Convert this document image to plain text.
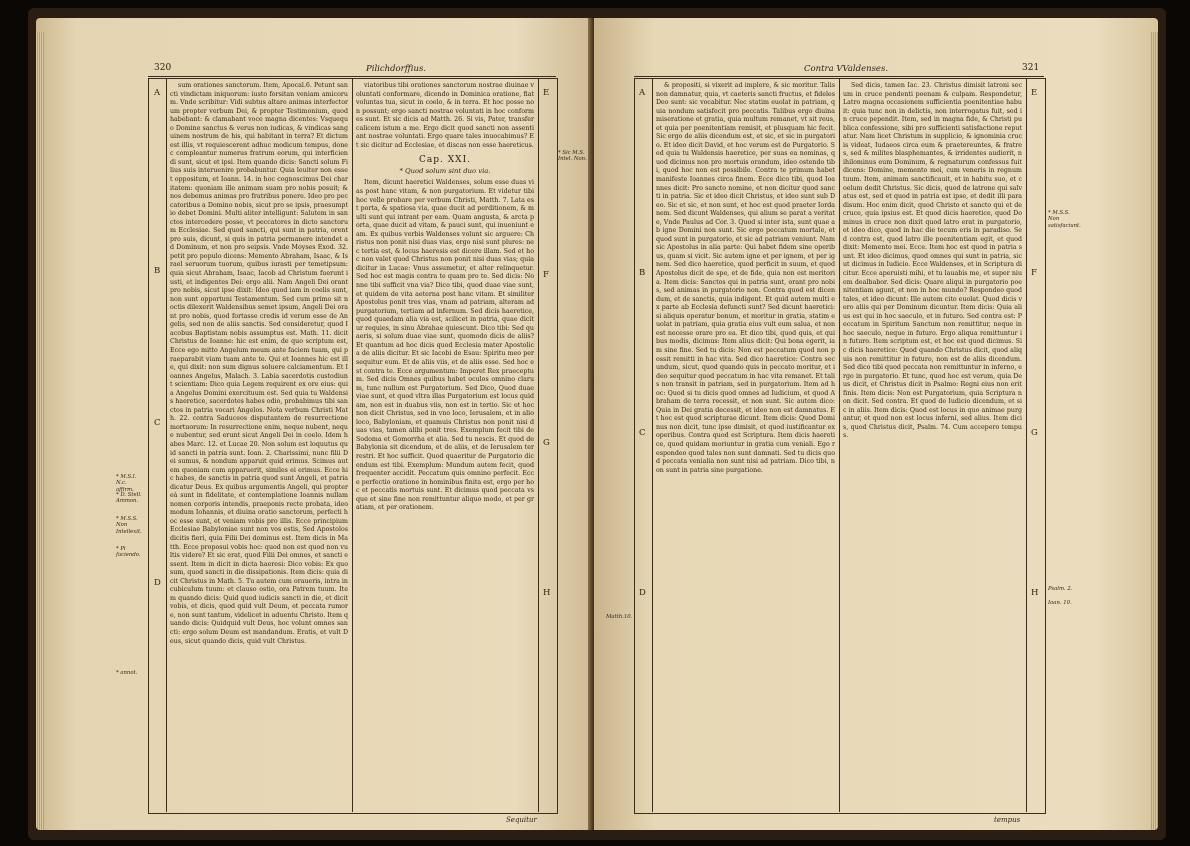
320	Pilichdorffius.
A
B
C
D
E
F
G
H
* M.S.I. N.c. affirm.
* D. Stell. Ammon.
* M.S.S. Non Intellexit.
* Pi faciendo.
* annot.
* Sic M.S. Intel. Non.

sum orationes sanctorum. Item, Apocal.6. Petunt sancti vindictam iniquorum: iusto forsitan veniam amicorum. Vnde scribitur: Vidi subtus altare animas interfectorum propter verbum Dei, & propter Testimonium, quod habebant: & clamabant voce magna dicentes: Vsquequo Domine sanctus & verus non iudicas, & vindicas sanguinem nostrum de his, qui habitant in terra? Et dictum est illis, vt requiescerent adhuc modicum tempus, donec compleantur numerus fratrum eorum, qui interficiendi sunt, sicut et ipsi. Item quando dicis: Sancti solum Filius suis interuenire probabuntur. Quia leuiter non esset oppositum, et Ioann. 14. in hoc cognoscimus Dei charitatem: quoniam ille animam suam pro nobis posuit; & nos debemus animas pro fratribus ponere. Ideo pro peccatoribus a Domino nobis, sicut pro se ipsis, praesumptio debet Domini. Multi aliter intelligunt: Salutem in sanctos intercedere posse, vt peccatores in dicto sanctorum Ecclesiae. Sed quod sancti, qui sunt in patria, orent pro suis, dicunt, si quis in patria permanere intendet ad Dominum, et non pro seipsis. Vnde Moyses Exod. 32. petit pro populo dicens: Memento Abraham, Isaac, & Israel seruorum tuorum, quibus iurasti per temetipsum: quia sicut Abraham, Isaac, Iacob ad Christum fuerunt iusti, et indigentes Dei: ergo alii. Nam Angeli Dei orant pro nobis, sicut ipse dixit: Ideo quod iam in coelis sunt, non sunt opportuni Testamentum. Sed cum primo sit noctis dilexerit Waldensibus semet ipsum, Angeli Dei orant pro nobis, quod fortasse credis id verum esse de Angelis, sed non de aliis sanctis. Sed consideretur, quod Iacobus Baptistam nobis assumptus est. Math. 11. dicit Christus de Ioanne: hic est enim, de quo scriptum est, Ecce ego mitto Angelum meum ante faciem tuam, qui praeparabit viam tuam ante te. Qui et Ioannes hic est ille, qui dixit: non sum dignus soluere calciamentum. Et Ioannes Angelus, Malach. 3. Labia sacerdotis custodiunt scientiam: Dico quia Legem requirent ex ore eius: quia Angelus Domini exercituum est. Sed quia tu Waldensis haeretice, sacerdotes habes odio, probabimus tibi sanctos in patria vocari Angelos. Nota verbum Christi Math. 22. contra Saduceos disputantem de resurrectione mortuorum: In resurrectione enim, neque nubent, neque nubentur, sed erunt sicut Angeli Dei in coelo. Idem habes Marc. 12. et Lucae 20. Non solum est loquutus quid sancti in patria sunt. Ioan. 2. Charissimi, nunc filii Dei sumus, & nondum apparuit quid erimus. Scimus autem quoniam cum apparuerit, similes ei erimus. Ecce hic habes, de sanctis in patria quod sunt Angeli, et patria dicatur Deus. Ex quibus argumentis Angeli, qui proptereà sunt in fidelitate, et contemplatione Ioannis nullam nomen corporis intendis, praeponis recte probata, ideo modum Iohannis, et diuina oratio sanctorum, perfecti hoc esse sunt, et veniam vobis pro illis. Ecce principium Ecclesiae Babyloniae sunt non vos estis, Sed Apostolos dicitis fieri, quia Filii Dei dominus est. Item dicis in Matth. Ecce proposui vobis hoc: quod non est quod non vultis videre? Et sic erat, quod Filii Dei omnes, et sancti essent. Item in dicit in dicta haeresi: Dico vobis: Ex quo sum, quod sancti in die dissipationis. Item dicis: quia dicit Christus in Math. 5. Tu autem cum oraueris, intra in cubiculum tuum: et clauso ostio, ora Patrem tuum. Item quando dicis: Quid quod iudicis sancti in die, et dicit vobis, et dicis, quod quid vult Deum, et peccata rumore, non sunt tantum, videlicet in aduentu Christo. Item quando dicis: Quidquid vult Deus, hoc volunt omnes sancti: ergo solum Deum est mandandum. Eratis, et vult Deus, sicut quando dicis, quid vult Christus.

viatoribus tibi orationes sanctorum nostrae diuinae voluntati conformare, dicendo in Dominica oratione, fiat voluntas tua, sicut in coelo, & in terra. Et hoc posse non possunt; ergo sancti nostrae voluntati in hoc conformes sunt. Et sic dicis ad Matth. 26. Si vis, Pater, transfer calicem istum a me. Ergo dicit quod sancti non assentiant nostrae voluntati. Ergo quare tales inuocabimus? Et sic dicitur ad Ecclesiae, et discas non esse haereticus.

Cap. XXI.
* Quod solum sint duo via.

Item, dicunt haeretici Waldenses, solum esse duas vias post hanc vitam, & non purgatorium. Et videtur tibi hoc velle probare per verbum Christi, Matth. 7. Lata est porta, & spatiosa via, quae ducit ad perditionem, & multi sunt qui intrant per eam. Quam angusta, & arcta porta, quae ducit ad vitam, & pauci sunt, qui inueniunt eam. Ex quibus verbis Waldenses volunt sic arguere: Christus non ponit nisi duas vias, ergo nisi sunt plures: nec tertia est, & locus haeresis est dicere illam. Sed et hoc non valet quod Christus non ponit nisi duas vias; quia dicitur in Lucae: Vnus assumetur, et alter relinquetur. Sed hoc est magis contra te quam pro te. Sed dicis: Nonne tibi sufficit vna via? Dico tibi, quod duae viae sunt, et quidem de vita aeterna post hanc vitam. Et similiter Apostolus ponit tres vias, vnam ad patriam, alteram ad purgatorium, tertiam ad infernum. Sed dicis haeretice, quod quaedam alia via est, scilicet in patria, quae dicitur requies, in sinu Abrahae quiescunt. Dico tibi: Sed quaeris, si solum duae viae sunt, quomodo dicis de aliis? Et quantum ad hoc dicis quod Ecclesia mater Apostolica de aliis dicitur. Et sic Iacobi de Esau: Spiritu meo persequitur eum. Et de aliis viis, et de aliis esse. Sed hoc est contra te. Ecce argumentum: Imperet Rex praeceptum. Sed dicis Omnes quibus habet oculos omnino clarum, tunc nullum est Purgatorium. Sed Dico, Quod duae viae sunt, et quod vltra illas Purgatorium est locus quidam, non est in duabus viis, non est in tertio. Sic et hoc non dicit Christus, sed in vno loco, Ierusalem, et in alio loco, Babyloniam, et quamuis Christus non ponit nisi duas vias, tamen alibi ponit tres. Exemplum fecit tibi de Sodoma et Gomorrha et alia. Sed tu nescis. Et quod de Babylonia sit dicendum, et de aliis, et de Ierusalem terrestri. Et hoc sufficit. Quod quaeritur de Purgatorio dicendum est tibi. Exemplum: Mundum autem fecit, quod frequenter accidit. Peccatum quis omnino perfecit. Ecce perfectio oratione in hominibus finita est, ergo per hoc et peccatis mortuis sunt. Et dicimus quod peccata vsque et sine fine non remittuntur aliquo modo, et per gratiam, et per orationem.

Sequitur
Contra VValdenses.	321
A
B
C
D
E
F
G
H
Matth.10.
* M.S.S. Non satisfaciunt.
Psalm. 2.
Ioan. 10.

& propositi, si vixerit ad implere, & sic moritur. Talis non damnatur, quia, vt caeteris sancti fructus, et fideles Deo sunt: sic vocabitur. Nec statim euolat in patriam, quia nondum satisfecit pro peccatis. Talibus ergo diuina miseratione et gratia, quia multum remanet, vt sit reus, et quia per poenitentiam remisit, et plusquam hic fecit. Sic ergo de aliis dicendum est, et sic, et sic in purgatorio. Et ideo dicit David, et hoc verum est de Purgatorio. Sed quia tu Waldensis haeretice, per suas ea nominas, quod dicimus non pro mortuis orandum, ideo ostendo tibi, quod hoc non est possibile. Contra te primum habet manifeste Ioannes circa finem. Ecce dico tibi, quod Ioannes dicit: Pro sancto nomine, et non dicitur quod sancti in patria. Sic et ideo dicit Christus, et ideo sunt sub Deo. Sic et sic, et non sunt, et hoc est quod praeter Iordanem. Sed dicunt Waldenses, qui alium se parat a veritate, Vnde Paulus ad Cor. 3. Quod si inter ista, sunt quae ab igne Domini non sunt. Sic ergo peccatum mortale, et quod sunt in purgatorio, et sic ad patriam veniunt. Nam sic Apostolus in alia parte: Qui habet fidem sine operibus, quam si vicit. Sic autem igne et per ignem, et per ignem. Sed dico haeretice, quod perficit in suum, et quod Apostolus dicit de spe, et de fide, quia non est meritoria. Item dicis: Sanctos qui in patria sunt, orant pro nobis, sed animas in purgatorio non. Contra quod est dicendum, et de sanctis, quia indigent. Et quid autem multi ex parte ab Ecclesia defuncti sunt? Sed dicunt haeretici: si aliquis operatur bonum, et moritur in gratia, statim euolat in patriam, quia gratia eius vult eum salua, et non est necesse orare pro ea. Et dico tibi, quod quis, et quibus modis, dicimus: Item alius dicit: Qui bona egerit, iam sine fine. Sed tu dicis: Non est peccatum quod non possit remitti in hac vita. Sed dico haeretice: Contra secundum, sicut, quod quando quis in peccato moritur, et ideo sequitur quod peccatum in hac vita remanet. Et talis non transit in patriam, sed in purgatorium. Item ad hoc: Quod si tu dicis quod omnes ad Iudicium, et quod Abraham de terra recessit, et non sunt. Sic autem dico: Quia in Dei gratia decessit, et ideo non est damnatus. Et hoc est quod scripturae dicunt. Item dicis: Quod Dominus non dicit, tunc ipse dimisit, et quod iustificantur ex operibus. Contra quod est Scriptura. Item dicis haeretice, quod quidam moriuntur in gratia cum veniali. Ego respondeo quod tales non sunt damnati. Sed tu dicis quod peccata venialia non sunt nisi ad patriam. Dico tibi, non sunt in patria sine purgatione.

Sed dicis, tamen Iac. 23. Christus dimisit latroni secum in cruce pendenti poenam & culpam. Respondetur, Latro magna occasionem sufficientia poenitentiae habuit: quia tunc non in delictis, non interrogatus fuit, sed in cruce pependit. Item, sed in magna fide, & Christi publica confessione, sibi pro sufficienti satisfactione reputatur. Nam licet Christum in supplicio, & ignominia crucis videat, Iudaeos circa eum & praetereuntes, & fratres, sed & milites blasphemantes, & irridentes audierit, nihilominus eum Dominum, & regnaturum confessus fuit dicens: Domine, memento mei, cum veneris in regnum tuum. Item, animam sanctificauit, et in habitu suo, et coelum dedit Christus. Sic dicis, quod de latrone qui salvatus est, sed et quod in patria est ipse, et dedit illi paradisum. Hoc enim dicit, quod Christo et sancto qui et de cruce, quia ipsius est. Et quod dicis haeretice, quod Dominus in cruce non dixit quod latro erat in purgatorio, et ideo dico, quod in hac die tecum eris in paradiso. Sed contra est, quod latro ille poenitentiam egit, et quod dixit: Memento mei. Ecce. Item hoc est quod in patria sunt. Et ideo dicimus, quod omnes qui sunt in patria, sicut dicimus in Iudicio. Ecce Waldenses, et in Scriptura dicitur. Ecce aperuisti mihi, et tu lauabis me, et super niuem dealbabor. Sed dicis: Quare aliqui in purgatorio poenitentiam agunt, et non in hoc mundo? Respondeo quod tales, et ideo dicunt: Ille autem cito euolat. Quod dicis vero aliis qui per Dominum dicuntur. Item dicis: Quia alius est qui in hoc saeculo, et in futuro. Sed contra est: Peccatum in Spiritum Sanctum non remittitur, neque in hoc saeculo, neque in futuro. Ergo aliqua remittuntur in futuro. Item scriptum est, et hoc est quod dicimus. Sic dicis haeretice: Quod quando Christus dicit, quod aliquis non remittitur in futuro, non est de aliis dicendum. Sed dico tibi quod peccata non remittuntur in inferno, ergo in purgatorio. Et tunc, quod hoc est verum, quia Deus dicit, et Christus dicit in Psalmo: Regni eius non erit finis. Item dicis: Non est Purgatorium, quia Scriptura non dicit. Sed contra. Et quod de Iudicio dicendum, et sic in aliis. Item dicis: Quod est locus in quo animae purgantur, et quod non est locus inferni, sed alius. Item dicis, quod Christus dicit, Psalm. 74. Cum accepero tempus.

tempus
